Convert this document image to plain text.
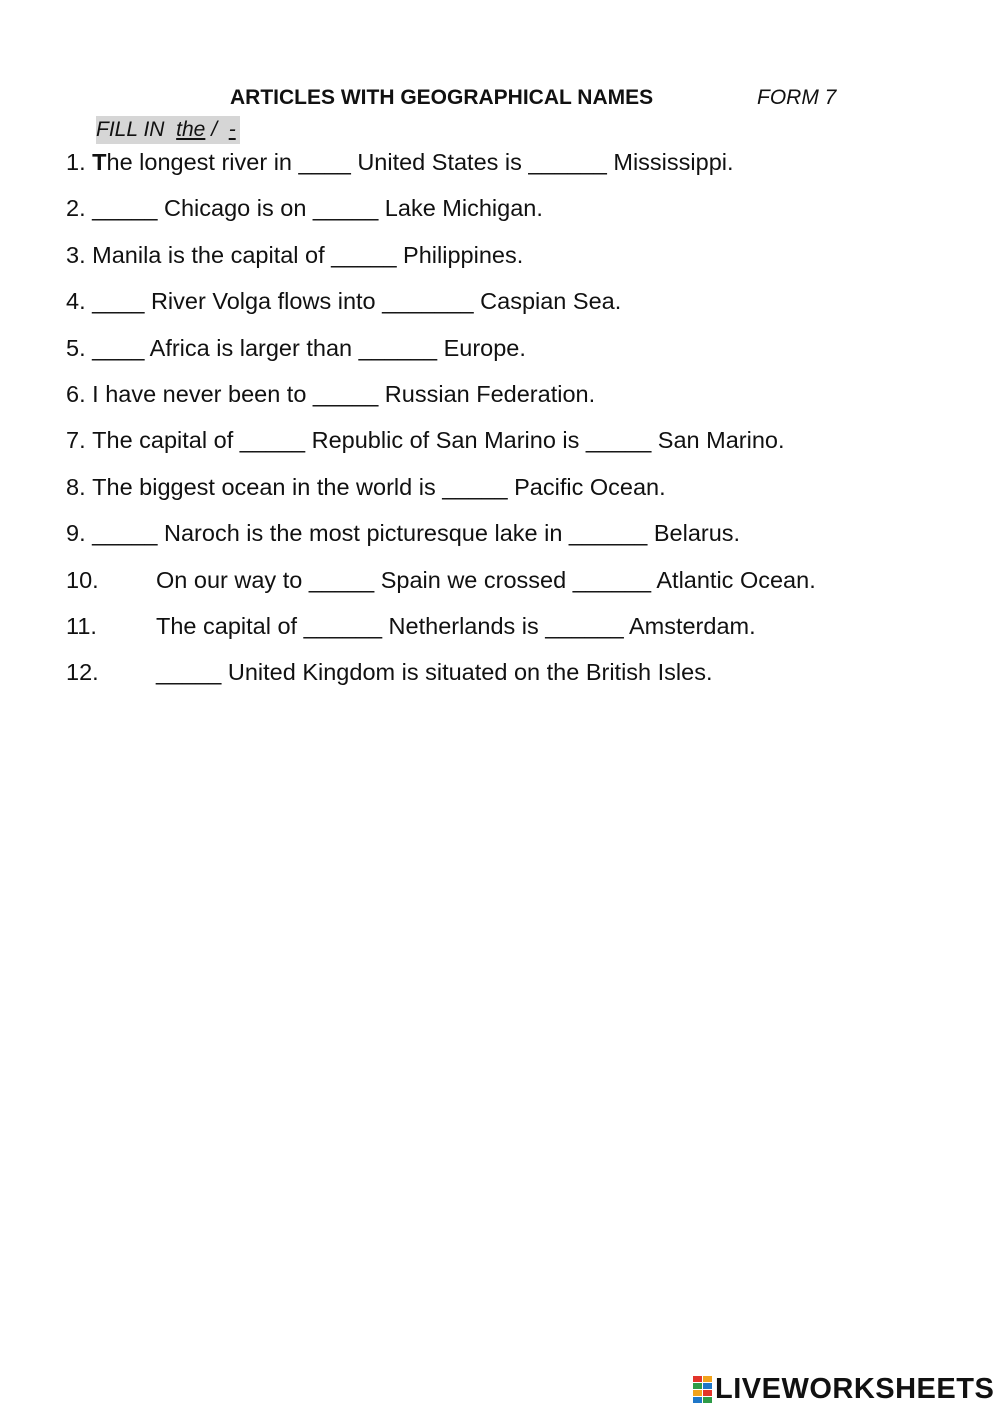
ARTICLES WITH GEOGRAPHICAL NAMES	FORM 7
FILL IN  the /  -
1. The longest river in ____ United States is ______ Mississippi.
2. _____ Chicago is on _____ Lake Michigan.
3. Manila is the capital of _____ Philippines.
4. ____ River Volga flows into _______ Caspian Sea.
5. ____ Africa is larger than ______ Europe.
6. I have never been to _____ Russian Federation.
7. The capital of _____ Republic of San Marino is _____ San Marino.
8. The biggest ocean in the world is _____ Pacific Ocean.
9. _____ Naroch is the most picturesque lake in ______ Belarus.
10. On our way to _____ Spain we crossed ______ Atlantic Ocean.
11.	The capital of ______ Netherlands is ______ Amsterdam.
12. _____ United Kingdom is situated on the British Isles.
LIVEWORKSHEETS
